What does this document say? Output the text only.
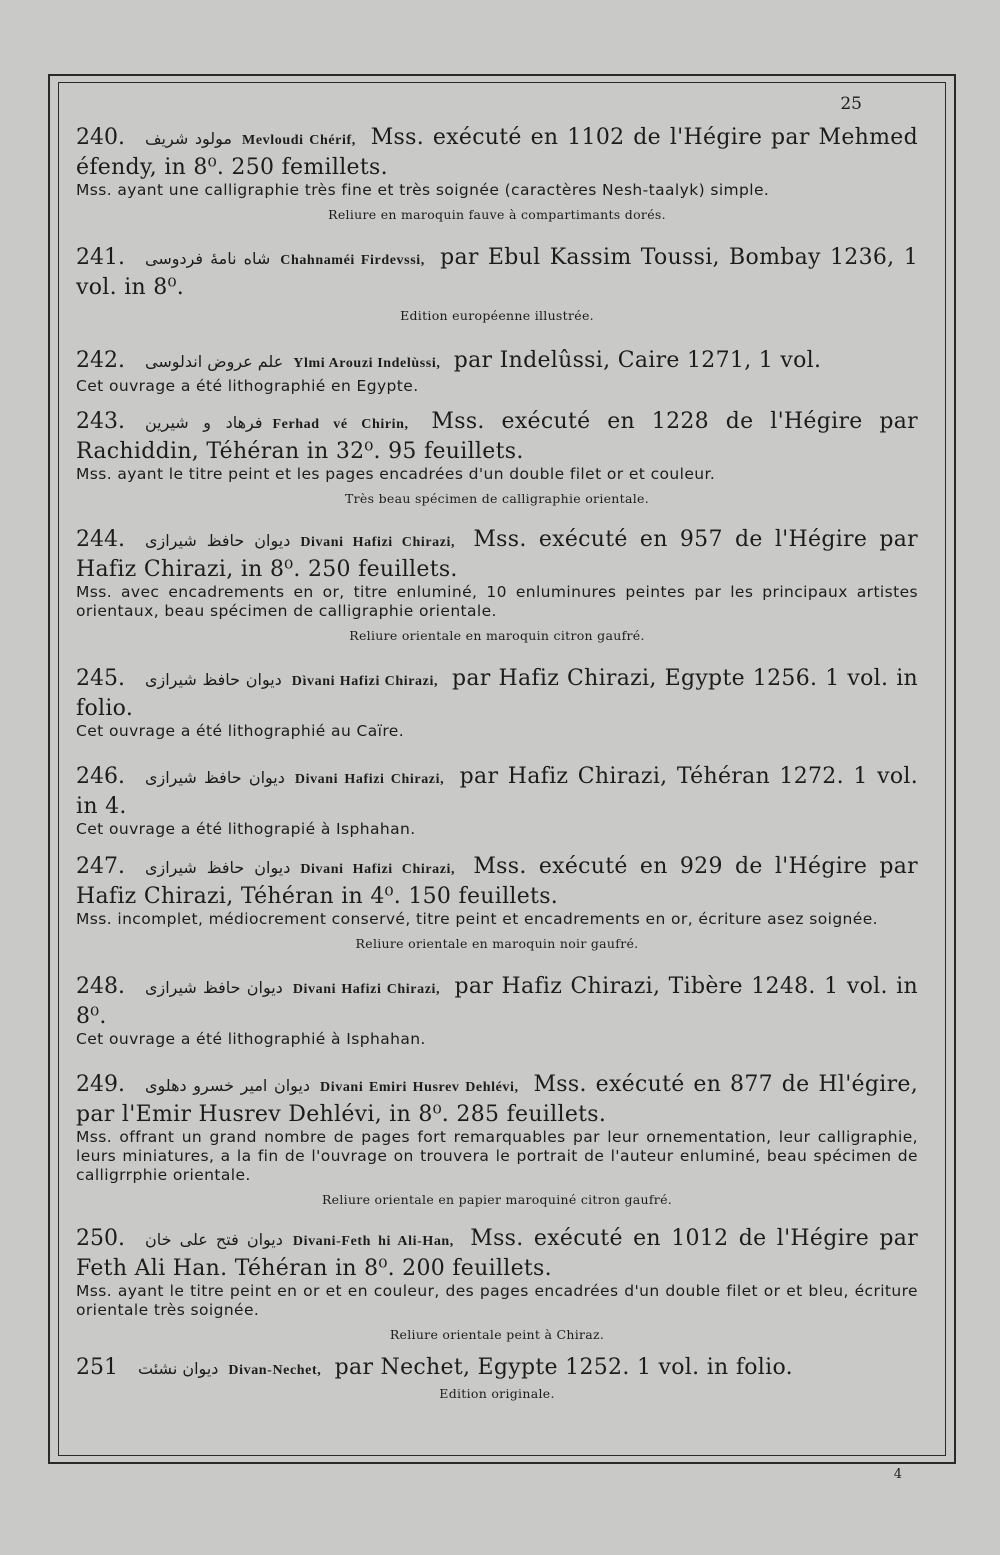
25
240. مولود شريف Mevloudi Chérif, Mss. exécuté en 1102 de l'Hégire par Mehmed éfendy, in 8⁰. 250 femillets.
Mss. ayant une calligraphie très fine et très soignée (caractères Nesh-taalyk) simple.
Reliure en maroquin fauve à compartimants dorés.
241. شاه نامهٔ فردوسی Chahnaméi Firdevssi, par Ebul Kassim Toussi, Bombay 1236, 1 vol. in 8⁰.
Edition européenne illustrée.
242. علم عروض اندلوسی Ylmi Arouzi Indelùssi, par Indelûssi, Caire 1271, 1 vol.
Cet ouvrage a été lithographié en Egypte.
243. فرهاد و شیرین Ferhad vé Chirin, Mss. exécuté en 1228 de l'Hégire par Rachiddin, Téhéran in 32⁰. 95 feuillets.
Mss. ayant le titre peint et les pages encadrées d'un double filet or et couleur.
Très beau spécimen de calligraphie orientale.
244. دیوان حافظ شیرازی Divani Hafizi Chirazi, Mss. exécuté en 957 de l'Hégire par Hafiz Chirazi, in 8⁰. 250 feuillets.
Mss. avec encadrements en or, titre enluminé, 10 enluminures peintes par les principaux artistes orientaux, beau spécimen de calligraphie orientale.
Reliure orientale en maroquin citron gaufré.
245. دیوان حافظ شیرازی Dìvani Hafizi Chirazi, par Hafiz Chirazi, Egypte 1256. 1 vol. in folio.
Cet ouvrage a été lithographié au Caïre.
246. دیوان حافظ شیرازی Divani Hafizi Chirazi, par Hafiz Chirazi, Téhéran 1272. 1 vol. in 4.
Cet ouvrage a été lithograpié à Isphahan.
247. دیوان حافظ شیرازی Divani Hafizi Chirazi, Mss. exécuté en 929 de l'Hégire par Hafiz Chirazi, Téhéran in 4⁰. 150 feuillets.
Mss. incomplet, médiocrement conservé, titre peint et encadrements en or, écriture asez soignée.
Reliure orientale en maroquin noir gaufré.
248. دیوان حافظ شیرازی Divani Hafizi Chirazi, par Hafiz Chirazi, Tibère 1248. 1 vol. in 8⁰.
Cet ouvrage a été lithographié à Isphahan.
249. دیوان امیر خسرو دهلوی Divani Emiri Husrev Dehlévi, Mss. exécuté en 877 de Hl'égire, par l'Emir Husrev Dehlévi, in 8⁰. 285 feuillets.
Mss. offrant un grand nombre de pages fort remarquables par leur ornementation, leur calligraphie, leurs miniatures, a la fin de l'ouvrage on trouvera le portrait de l'auteur enluminé, beau spécimen de calligrrphie orientale.
Reliure orientale en papier maroquiné citron gaufré.
250. دیوان فتح علی خان Divani-Feth hi Ali-Han, Mss. exécuté en 1012 de l'Hégire par Feth Ali Han. Téhéran in 8⁰. 200 feuillets.
Mss. ayant le titre peint en or et en couleur, des pages encadrées d'un double filet or et bleu, écriture orientale très soignée.
Reliure orientale peint à Chiraz.
251 دیوان نشئت Divan-Nechet, par Nechet, Egypte 1252. 1 vol. in folio.
Edition originale.
4
